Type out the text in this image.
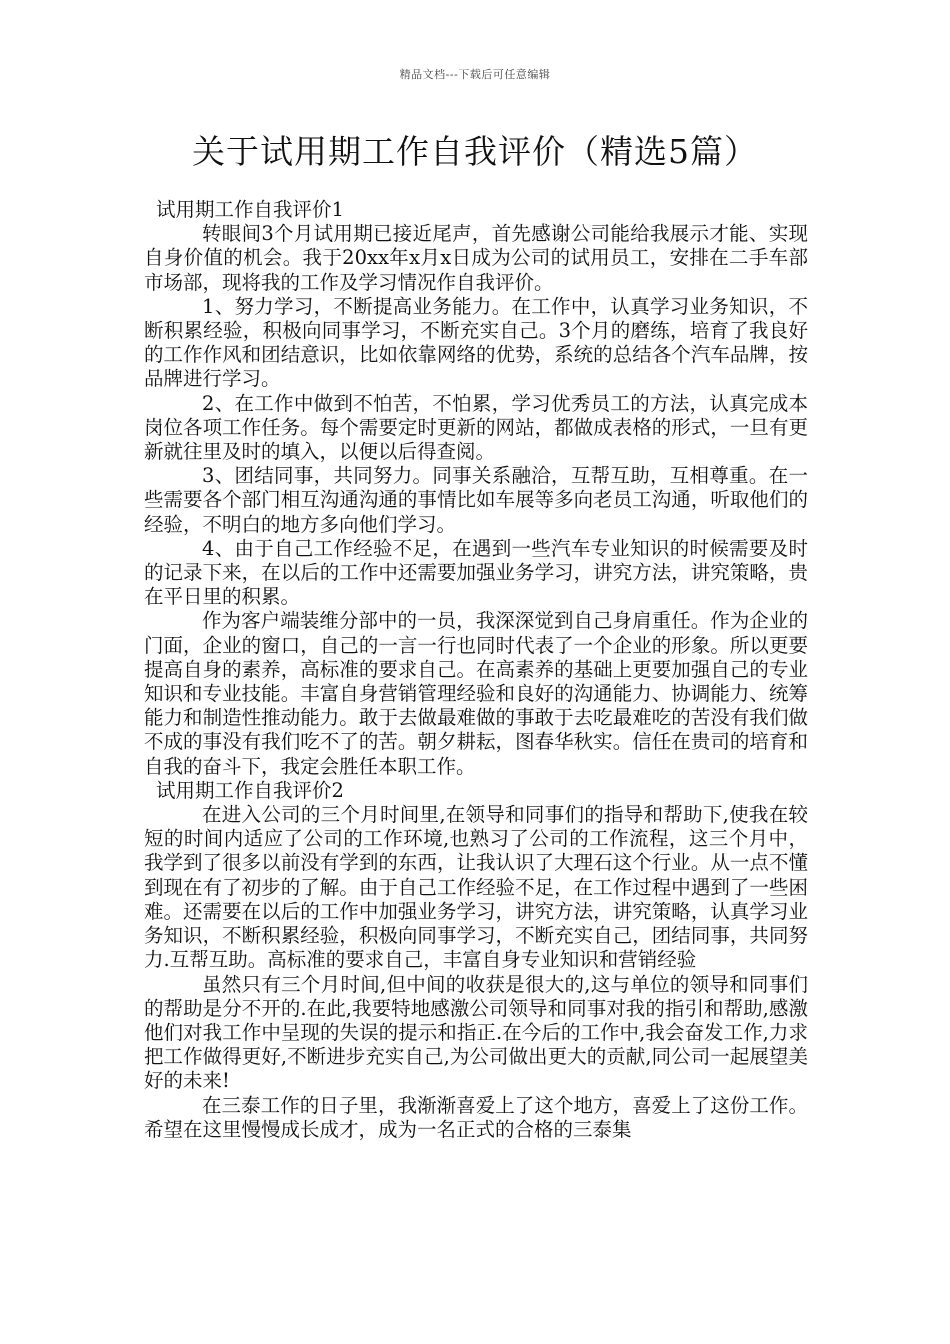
精品文档---下载后可任意编辑
关于试用期工作自我评价（精选5篇）

试用期工作自我评价1

转眼间3个月试用期已接近尾声，首先感谢公司能给我展示才能、实现自身价值的机会。我于20xx年x月x日成为公司的试用员工，安排在二手车部市场部，现将我的工作及学习情况作自我评价。

1、努力学习，不断提高业务能力。在工作中，认真学习业务知识，不断积累经验，积极向同事学习，不断充实自己。3个月的磨练，培育了我良好的工作作风和团结意识，比如依靠网络的优势，系统的总结各个汽车品牌，按品牌进行学习。

2、在工作中做到不怕苦，不怕累，学习优秀员工的方法，认真完成本岗位各项工作任务。每个需要定时更新的网站，都做成表格的形式，一旦有更新就往里及时的填入，以便以后得查阅。

3、团结同事，共同努力。同事关系融洽，互帮互助，互相尊重。在一些需要各个部门相互沟通沟通的事情比如车展等多向老员工沟通，听取他们的经验，不明白的地方多向他们学习。

4、由于自己工作经验不足，在遇到一些汽车专业知识的时候需要及时的记录下来，在以后的工作中还需要加强业务学习，讲究方法，讲究策略，贵在平日里的积累。

作为客户端装维分部中的一员，我深深觉到自己身肩重任。作为企业的门面，企业的窗口，自己的一言一行也同时代表了一个企业的形象。所以更要提高自身的素养，高标准的要求自己。在高素养的基础上更要加强自己的专业知识和专业技能。丰富自身营销管理经验和良好的沟通能力、协调能力、统筹能力和制造性推动能力。敢于去做最难做的事敢于去吃最难吃的苦没有我们做不成的事没有我们吃不了的苦。朝夕耕耘，图春华秋实。信任在贵司的培育和自我的奋斗下，我定会胜任本职工作。

试用期工作自我评价2

在进入公司的三个月时间里,在领导和同事们的指导和帮助下,使我在较短的时间内适应了公司的工作环境,也熟习了公司的工作流程，这三个月中，我学到了很多以前没有学到的东西，让我认识了大理石这个行业。从一点不懂到现在有了初步的了解。由于自己工作经验不足，在工作过程中遇到了一些困难。还需要在以后的工作中加强业务学习，讲究方法，讲究策略，认真学习业务知识，不断积累经验，积极向同事学习，不断充实自己，团结同事，共同努力.互帮互助。高标准的要求自己，丰富自身专业知识和营销经验

虽然只有三个月时间,但中间的收获是很大的,这与单位的领导和同事们的帮助是分不开的.在此,我要特地感激公司领导和同事对我的指引和帮助,感激他们对我工作中呈现的失误的提示和指正.在今后的工作中,我会奋发工作,力求把工作做得更好,不断进步充实自己,为公司做出更大的贡献,同公司一起展望美好的未来!

在三泰工作的日子里，我渐渐喜爱上了这个地方，喜爱上了这份工作。希望在这里慢慢成长成才，成为一名正式的合格的三泰集
